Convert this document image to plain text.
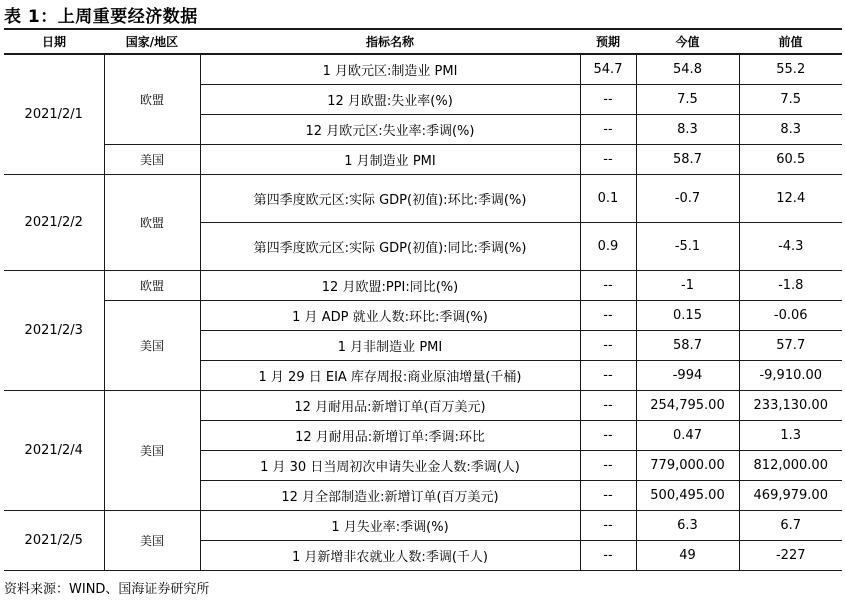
表 1：上周重要经济数据
日期	国家/地区	指标名称	预期	今值	前值
2021/2/1	欧盟	1 月欧元区:制造业 PMI	54.7	54.8	55.2
		12 月欧盟:失业率(%)	--	7.5	7.5
		12 月欧元区:失业率:季调(%)	--	8.3	8.3
	美国	1 月制造业 PMI	--	58.7	60.5
2021/2/2	欧盟	第四季度欧元区:实际 GDP(初值):环比:季调(%)	0.1	-0.7	12.4
		第四季度欧元区:实际 GDP(初值):同比:季调(%)	0.9	-5.1	-4.3
2021/2/3	欧盟	12 月欧盟:PPI:同比(%)	--	-1	-1.8
	美国	1 月 ADP 就业人数:环比:季调(%)	--	0.15	-0.06
		1 月非制造业 PMI	--	58.7	57.7
		1 月 29 日 EIA 库存周报:商业原油增量(千桶)	--	-994	-9,910.00
2021/2/4	美国	12 月耐用品:新增订单(百万美元)	--	254,795.00	233,130.00
		12 月耐用品:新增订单:季调:环比	--	0.47	1.3
		1 月 30 日当周初次申请失业金人数:季调(人)	--	779,000.00	812,000.00
		12 月全部制造业:新增订单(百万美元)	--	500,495.00	469,979.00
2021/2/5	美国	1 月失业率:季调(%)	--	6.3	6.7
		1 月新增非农就业人数:季调(千人)	--	49	-227
资料来源：WIND、国海证券研究所
